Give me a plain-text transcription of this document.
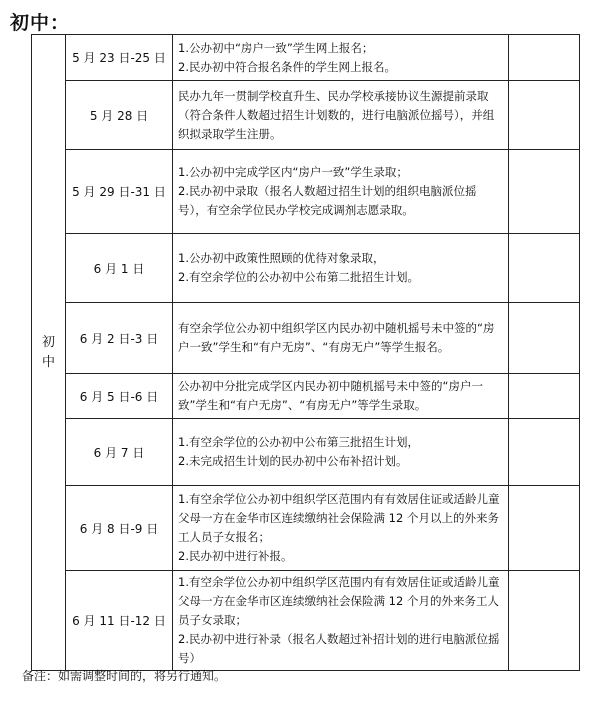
初中：
初中	5 月 23 日-25 日	1.公办初中“房户一致”学生网上报名；
2.民办初中符合报名条件的学生网上报名。	

	5 月 28 日	民办九年一贯制学校直升生、民办学校承接协议生源提前录取（符合条件人数超过招生计划数的，进行电脑派位摇号），并组织拟录取学生注册。	

	5 月 29 日-31 日	1.公办初中完成学区内“房户一致”学生录取；
2.民办初中录取（报名人数超过招生计划的组织电脑派位摇号），有空余学位民办学校完成调剂志愿录取。	

	6 月 1 日	1.公办初中政策性照顾的优待对象录取，
2.有空余学位的公办初中公布第二批招生计划。	

	6 月 2 日-3 日	有空余学位公办初中组织学区内民办初中随机摇号未中签的“房户一致”学生和“有户无房”、“有房无户”等学生报名。	

	6 月 5 日-6 日	公办初中分批完成学区内民办初中随机摇号未中签的“房户一致”学生和“有户无房”、“有房无户”等学生录取。	

	6 月 7 日	1.有空余学位的公办初中公布第三批招生计划，
2.未完成招生计划的民办初中公布补招计划。	

	6 月 8 日-9 日	1.有空余学位公办初中组织学区范围内有有效居住证或适龄儿童父母一方在金华市区连续缴纳社会保险满 12 个月以上的外来务工人员子女报名；
2.民办初中进行补报。	

	6 月 11 日-12 日	1.有空余学位公办初中组织学区范围内有有效居住证或适龄儿童父母一方在金华市区连续缴纳社会保险满 12 个月的外来务工人员子女录取；
2.民办初中进行补录（报名人数超过补招计划的进行电脑派位摇号）	

备注：如需调整时间的，将另行通知。
